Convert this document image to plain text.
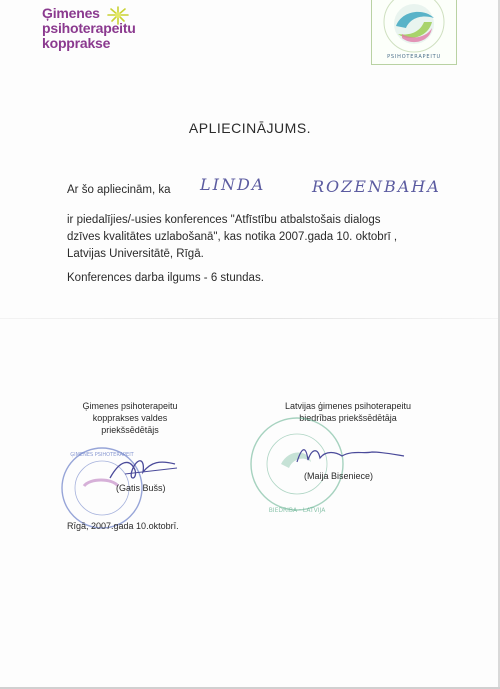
Ģimenes
psihoterapeitu
kopprakse
PSIHOTERAPEITU
APLIECINĀJUMS.
Ar šo apliecinām, ka LINDA	ROZENBAHA
ir piedalījies/-usies konferences "Atfīstību atbalstošais dialogs
dzīves kvalitātes uzlabošanā", kas notika 2007.gada 10. oktobrī ,
Latvijas Universitātē, Rīgā.
Konferences darba ilgums - 6 stundas.
Ģimenes psihoterapeitu
kopprakses valdes
priekšsēdētājs
ĢIMENES PSIHOTERAPEIT
(Gatis Bušs)
Rīgā, 2007.gada 10.oktobrī.
Latvijas ģimenes psihoterapeitu
biedrības priekšsēdētāja
BIEDRĪBA · LATVIJA
(Maija Biseniece)
